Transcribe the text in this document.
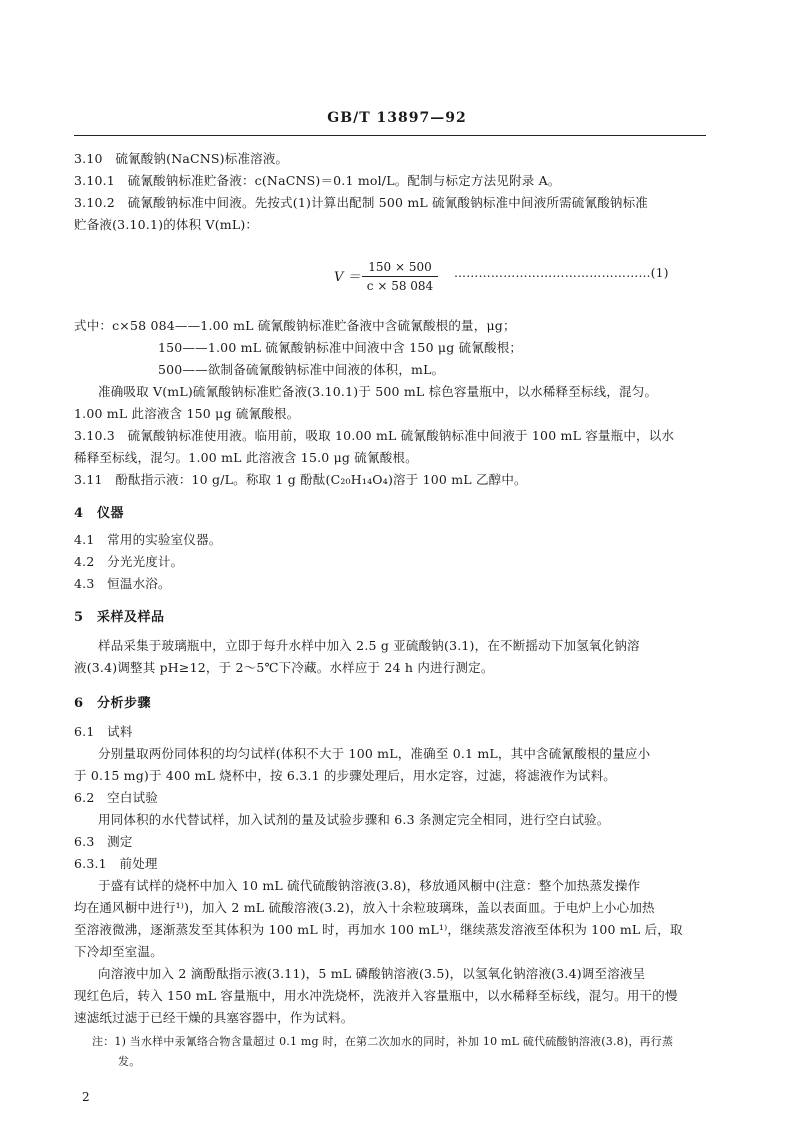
GB/T 13897—92

3.10　硫氰酸钠(NaCNS)标准溶液。

3.10.1　硫氰酸钠标准贮备液：c(NaCNS)＝0.1 mol/L。配制与标定方法见附录 A。

3.10.2　硫氰酸钠标准中间液。先按式(1)计算出配制 500 mL 硫氰酸钠标准中间液所需硫氰酸钠标准

贮备液(3.10.1)的体积 V(mL)：

$V = \frac{150 \times 500}{c \times 58 084}$ …………………………………………(1)

式中：c×58 084——1.00 mL 硫氰酸钠标准贮备液中含硫氰酸根的量，μg；

150——1.00 mL 硫氰酸钠标准中间液中含 150 μg 硫氰酸根；

500——欲制备硫氰酸钠标准中间液的体积，mL。

准确吸取 V(mL)硫氰酸钠标准贮备液(3.10.1)于 500 mL 棕色容量瓶中，以水稀释至标线，混匀。

1.00 mL 此溶液含 150 μg 硫氰酸根。

3.10.3　硫氰酸钠标准使用液。临用前，吸取 10.00 mL 硫氰酸钠标准中间液于 100 mL 容量瓶中，以水

稀释至标线，混匀。1.00 mL 此溶液含 15.0 μg 硫氰酸根。

3.11　酚酞指示液：10 g/L。称取 1 g 酚酞(C₂₀H₁₄O₄)溶于 100 mL 乙醇中。

4　仪器

4.1　常用的实验室仪器。

4.2　分光光度计。

4.3　恒温水浴。

5　采样及样品

样品采集于玻璃瓶中，立即于每升水样中加入 2.5 g 亚硫酸钠(3.1)，在不断摇动下加氢氧化钠溶

液(3.4)调整其 pH≥12，于 2～5℃下冷藏。水样应于 24 h 内进行测定。

6　分析步骤

6.1　试料

分别量取两份同体积的均匀试样(体积不大于 100 mL，准确至 0.1 mL，其中含硫氰酸根的量应小

于 0.15 mg)于 400 mL 烧杯中，按 6.3.1 的步骤处理后，用水定容，过滤，将滤液作为试料。

6.2　空白试验

用同体积的水代替试样，加入试剂的量及试验步骤和 6.3 条测定完全相同，进行空白试验。

6.3　测定

6.3.1　前处理

于盛有试样的烧杯中加入 10 mL 硫代硫酸钠溶液(3.8)，移放通风橱中(注意：整个加热蒸发操作

均在通风橱中进行¹⁾)，加入 2 mL 硫酸溶液(3.2)，放入十余粒玻璃珠，盖以表面皿。于电炉上小心加热

至溶液微沸，逐渐蒸发至其体积为 100 mL 时，再加水 100 mL¹⁾，继续蒸发溶液至体积为 100 mL 后，取

下冷却至室温。

向溶液中加入 2 滴酚酞指示液(3.11)，5 mL 磷酸钠溶液(3.5)，以氢氧化钠溶液(3.4)调至溶液呈

现红色后，转入 150 mL 容量瓶中，用水冲洗烧杯，洗液并入容量瓶中，以水稀释至标线，混匀。用干的慢

速滤纸过滤于已经干燥的具塞容器中，作为试料。

注：1) 当水样中汞氰络合物含量超过 0.1 mg 时，在第二次加水的同时，补加 10 mL 硫代硫酸钠溶液(3.8)，再行蒸

发。

2
